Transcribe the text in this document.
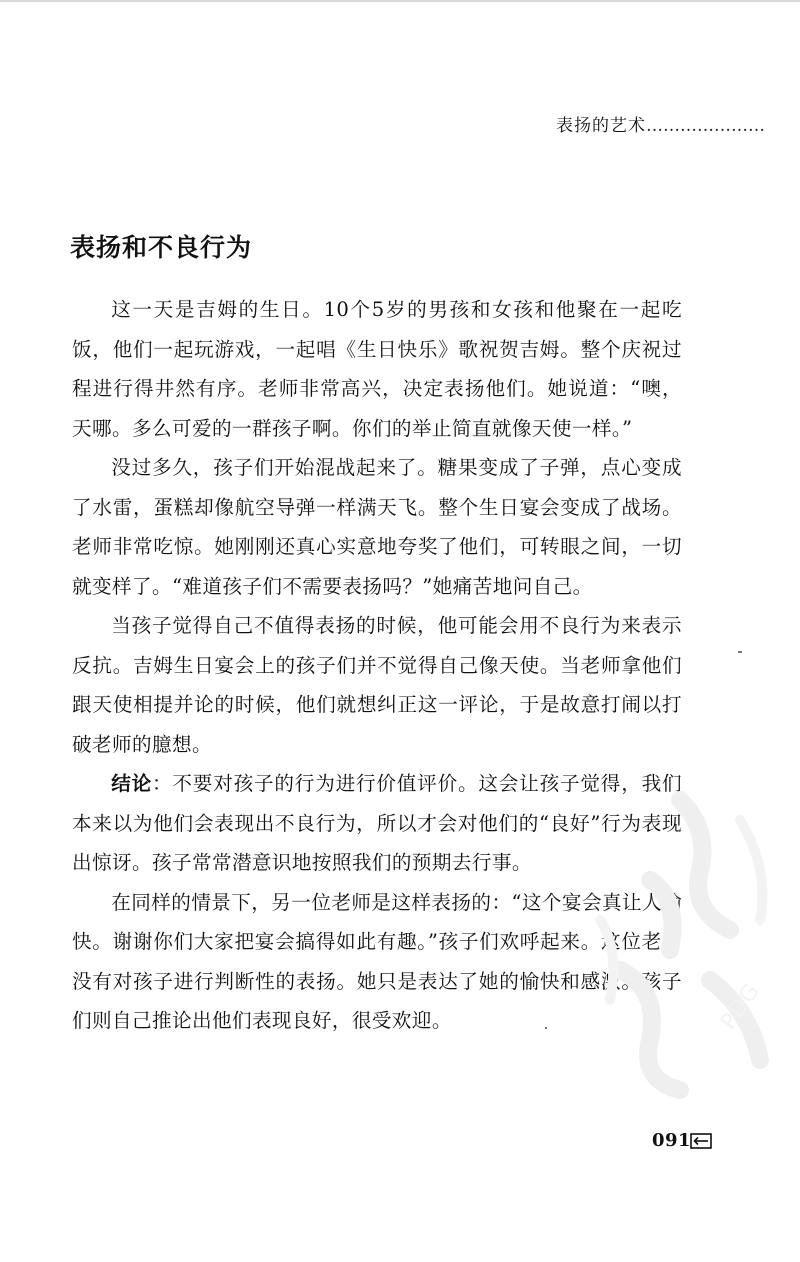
表扬的艺术…………………
表扬和不良行为

这一天是吉姆的生日。10个5岁的男孩和女孩和他聚在一起吃饭，他们一起玩游戏，一起唱《生日快乐》歌祝贺吉姆。整个庆祝过程进行得井然有序。老师非常高兴，决定表扬他们。她说道：“噢，天哪。多么可爱的一群孩子啊。你们的举止简直就像天使一样。”

没过多久，孩子们开始混战起来了。糖果变成了子弹，点心变成了水雷，蛋糕却像航空导弹一样满天飞。整个生日宴会变成了战场。老师非常吃惊。她刚刚还真心实意地夸奖了他们，可转眼之间，一切就变样了。“难道孩子们不需要表扬吗？”她痛苦地问自己。

当孩子觉得自己不值得表扬的时候，他可能会用不良行为来表示反抗。吉姆生日宴会上的孩子们并不觉得自己像天使。当老师拿他们跟天使相提并论的时候，他们就想纠正这一评论，于是故意打闹以打破老师的臆想。

结论：不要对孩子的行为进行价值评价。这会让孩子觉得，我们本来以为他们会表现出不良行为，所以才会对他们的“良好”行为表现出惊讶。孩子常常潜意识地按照我们的预期去行事。

在同样的情景下，另一位老师是这样表扬的：“这个宴会真让人愉快。谢谢你们大家把宴会搞得如此有趣。”孩子们欢呼起来。这位老师没有对孩子进行判断性的表扬。她只是表达了她的愉快和感激。孩子们则自己推论出他们表现良好，很受欢迎。	PDG
091
